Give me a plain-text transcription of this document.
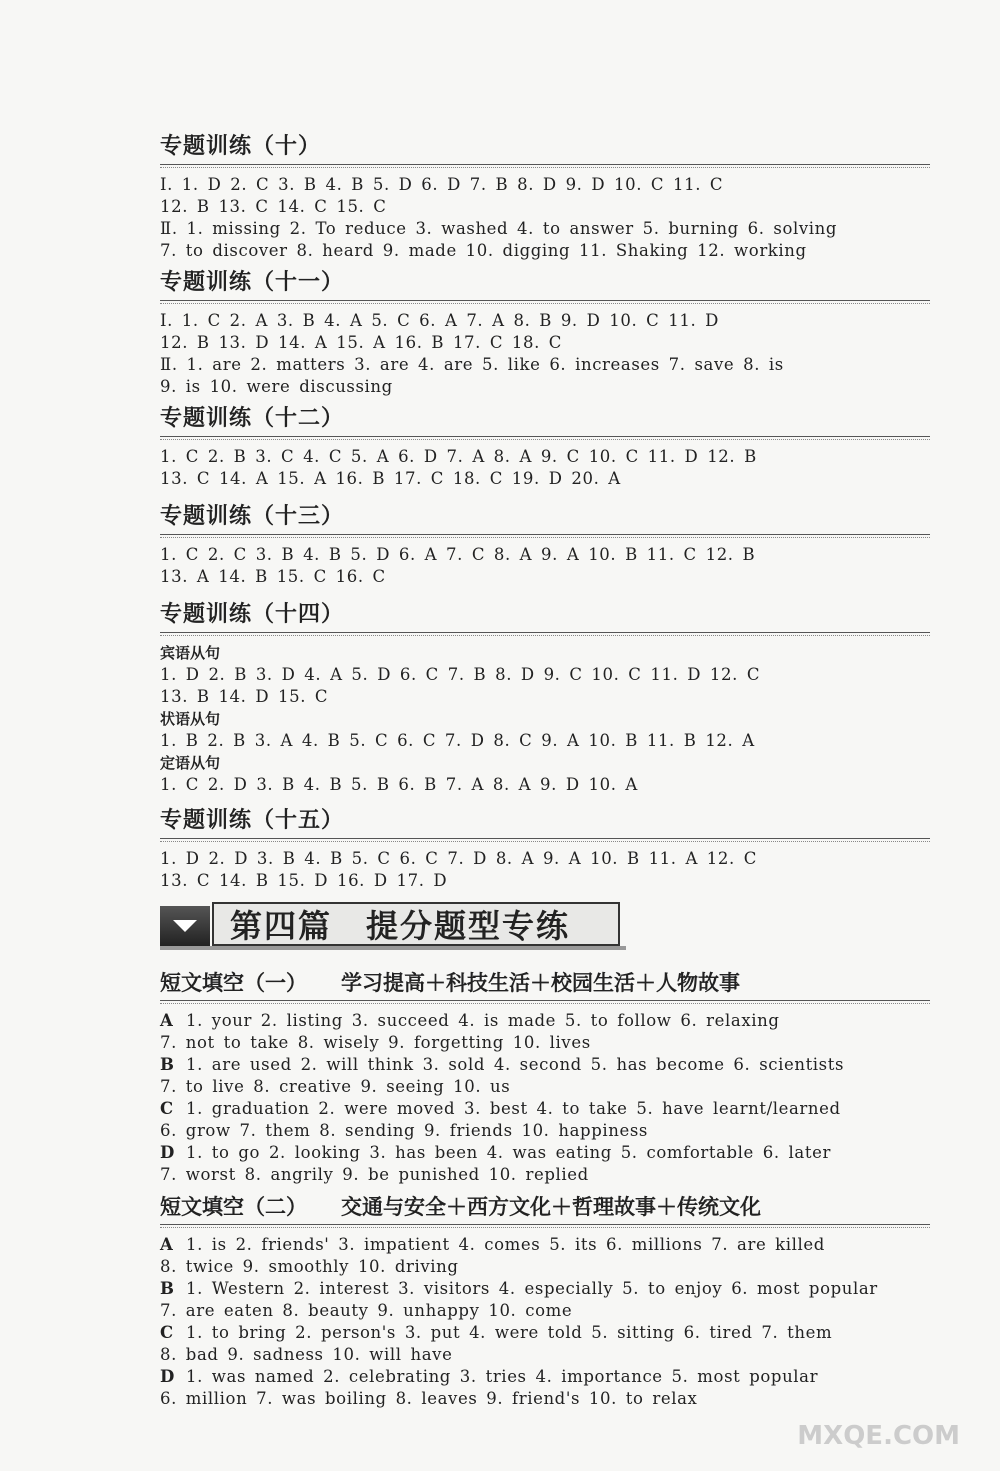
专题训练（十）
Ⅰ. 1. D 2. C 3. B 4. B 5. D 6. D 7. B 8. D 9. D 10. C 11. C
12. B 13. C 14. C 15. C
Ⅱ. 1. missing 2. To reduce 3. washed 4. to answer 5. burning 6. solving
7. to discover 8. heard 9. made 10. digging 11. Shaking 12. working
专题训练（十一）
Ⅰ. 1. C 2. A 3. B 4. A 5. C 6. A 7. A 8. B 9. D 10. C 11. D
12. B 13. D 14. A 15. A 16. B 17. C 18. C
Ⅱ. 1. are 2. matters 3. are 4. are 5. like 6. increases 7. save 8. is
9. is 10. were discussing
专题训练（十二）
1. C 2. B 3. C 4. C 5. A 6. D 7. A 8. A 9. C 10. C 11. D 12. B
13. C 14. A 15. A 16. B 17. C 18. C 19. D 20. A
专题训练（十三）
1. C 2. C 3. B 4. B 5. D 6. A 7. C 8. A 9. A 10. B 11. C 12. B
13. A 14. B 15. C 16. C
专题训练（十四）
宾语从句
1. D 2. B 3. D 4. A 5. D 6. C 7. B 8. D 9. C 10. C 11. D 12. C
13. B 14. D 15. C
状语从句
1. B 2. B 3. A 4. B 5. C 6. C 7. D 8. C 9. A 10. B 11. B 12. A
定语从句
1. C 2. D 3. B 4. B 5. B 6. B 7. A 8. A 9. D 10. A
专题训练（十五）
1. D 2. D 3. B 4. B 5. C 6. C 7. D 8. A 9. A 10. B 11. A 12. C
13. C 14. B 15. D 16. D 17. D
第四篇　提分题型专练
短文填空（一） 学习提高＋科技生活＋校园生活＋人物故事
A 1. your 2. listing 3. succeed 4. is made 5. to follow 6. relaxing
7. not to take 8. wisely 9. forgetting 10. lives
B 1. are used 2. will think 3. sold 4. second 5. has become 6. scientists
7. to live 8. creative 9. seeing 10. us
C 1. graduation 2. were moved 3. best 4. to take 5. have learnt/learned
6. grow 7. them 8. sending 9. friends 10. happiness
D 1. to go 2. looking 3. has been 4. was eating 5. comfortable 6. later
7. worst 8. angrily 9. be punished 10. replied
短文填空（二） 交通与安全＋西方文化＋哲理故事＋传统文化
A 1. is 2. friends' 3. impatient 4. comes 5. its 6. millions 7. are killed
8. twice 9. smoothly 10. driving
B 1. Western 2. interest 3. visitors 4. especially 5. to enjoy 6. most popular
7. are eaten 8. beauty 9. unhappy 10. come
C 1. to bring 2. person's 3. put 4. were told 5. sitting 6. tired 7. them
8. bad 9. sadness 10. will have
D 1. was named 2. celebrating 3. tries 4. importance 5. most popular
6. million 7. was boiling 8. leaves 9. friend's 10. to relax
MXQE.COM
